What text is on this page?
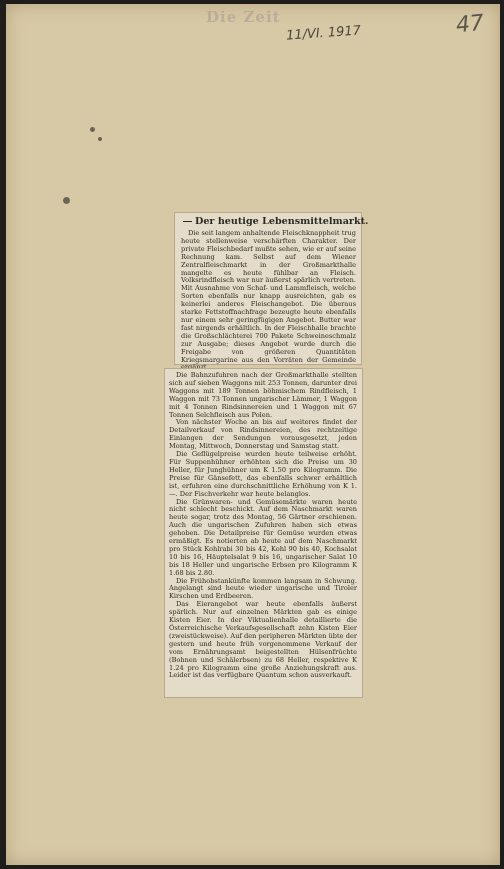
Die Zeit
11/VI. 1917	47
Der heutige Lebensmittelmarkt.

Die seit langem anhaltende Fleischknappheit trug heute stellenweise verschärften Charakter. Der private Fleischbedarf mußte sehen, wie er auf seine Rechnung kam. Selbst auf dem Wiener Zentralfleischmarkt in der Großmarkthalle mangelte es heute fühlbar an Fleisch. Volksrindfleisch war nur äußerst spärlich vertreten. Mit Ausnahme von Schaf- und Lammfleisch, welche Sorten ebenfalls nur knapp ausreichten, gab es keinerlei anderes Fleischangebot. Die überaus starke Fettstoffnachfrage bezeugte heute ebenfalls nur einem sehr geringfügigen Angebot. Butter war fast nirgends erhältlich. In der Fleischhalle brachte die Großschlächterei 700 Pakete Schweineschmalz zur Ausgabe; dieses Angebot wurde durch die Freigabe von größeren Quantitäten Kriegsmargarine aus den Vorräten der Gemeinde

Die Bahnzufuhren nach der Großmarkthalle stellten sich auf sieben Waggons mit 253 Tonnen, darunter drei Waggons mit 189 Tonnen böhmischem Rindfleisch, 1 Waggon mit 73 Tonnen ungarischer Lämmer, 1 Waggon mit 4 Tonnen Rindsinnereien und 1 Waggon mit 67 Tonnen Selchfleisch aus Polen.

Von nächster Woche an bis auf weiteres findet der Detailverkauf von Rindsinnereien, des rechtzeitige Einlangen der Sendungen vorausgesetzt, jeden Montag, Mittwoch, Donnerstag und Samstag statt.

Die Geflügelpreise wurden heute teilweise erhöht. Für Suppenhühner erhöhten sich die Preise um 30 Heller, für Junghühner um K 1.50 pro Kilogramm. Die Preise für Gänsefett, das ebenfalls schwer erhältlich ist, erfuhren eine durchschnittliche Erhöhung von K 1.—. Der Fischverkehr war heute belanglos.

Die Grünwaren- und Gemüsemärkte waren heute nicht schlecht beschickt. Auf dem Naschmarkt waren heute sogar, trotz des Montag, 56 Gärtner erschienen. Auch die ungarischen Zufuhren haben sich etwas gehoben. Die Detailpreise für Gemüse wurden etwas ermäßigt. Es notierten ab heute auf dem Naschmarkt pro Stück Kohlrabi 30 bis 42, Kohl 90 bis 40, Kochsalat 10 bis 16, Häuptelsalat 9 bis 16, ungarischer Salat 10 bis 18 Heller und ungarische Erbsen pro Kilogramm K 1.68 bis 2.80.

Die Frühobstankünfte kommen langsam in Schwung. Angelangt sind heute wieder ungarische und Tiroler Kirschen und Erdbeeren.

Das Eierangebot war heute ebenfalls äußerst spärlich. Nur auf einzelnen Märkten gab es einige Kisten Eier. In der Viktualienhalle detaillierte die Österreichische Verkaufsgesellschaft zehn Kisten Eier (zweistückweise). Auf den peripheren Märkten übte der gestern und heute früh vorgenommene Verkauf der vom Ernährungsamt beigestellten Hülsenfrüchte (Bohnen und Schälerbsen) zu 68 Heller, respektive K 1.24 pro Kilogramm eine große Anziehungskraft aus. Leider ist das verfügbare Quantum schon ausverkauft.
